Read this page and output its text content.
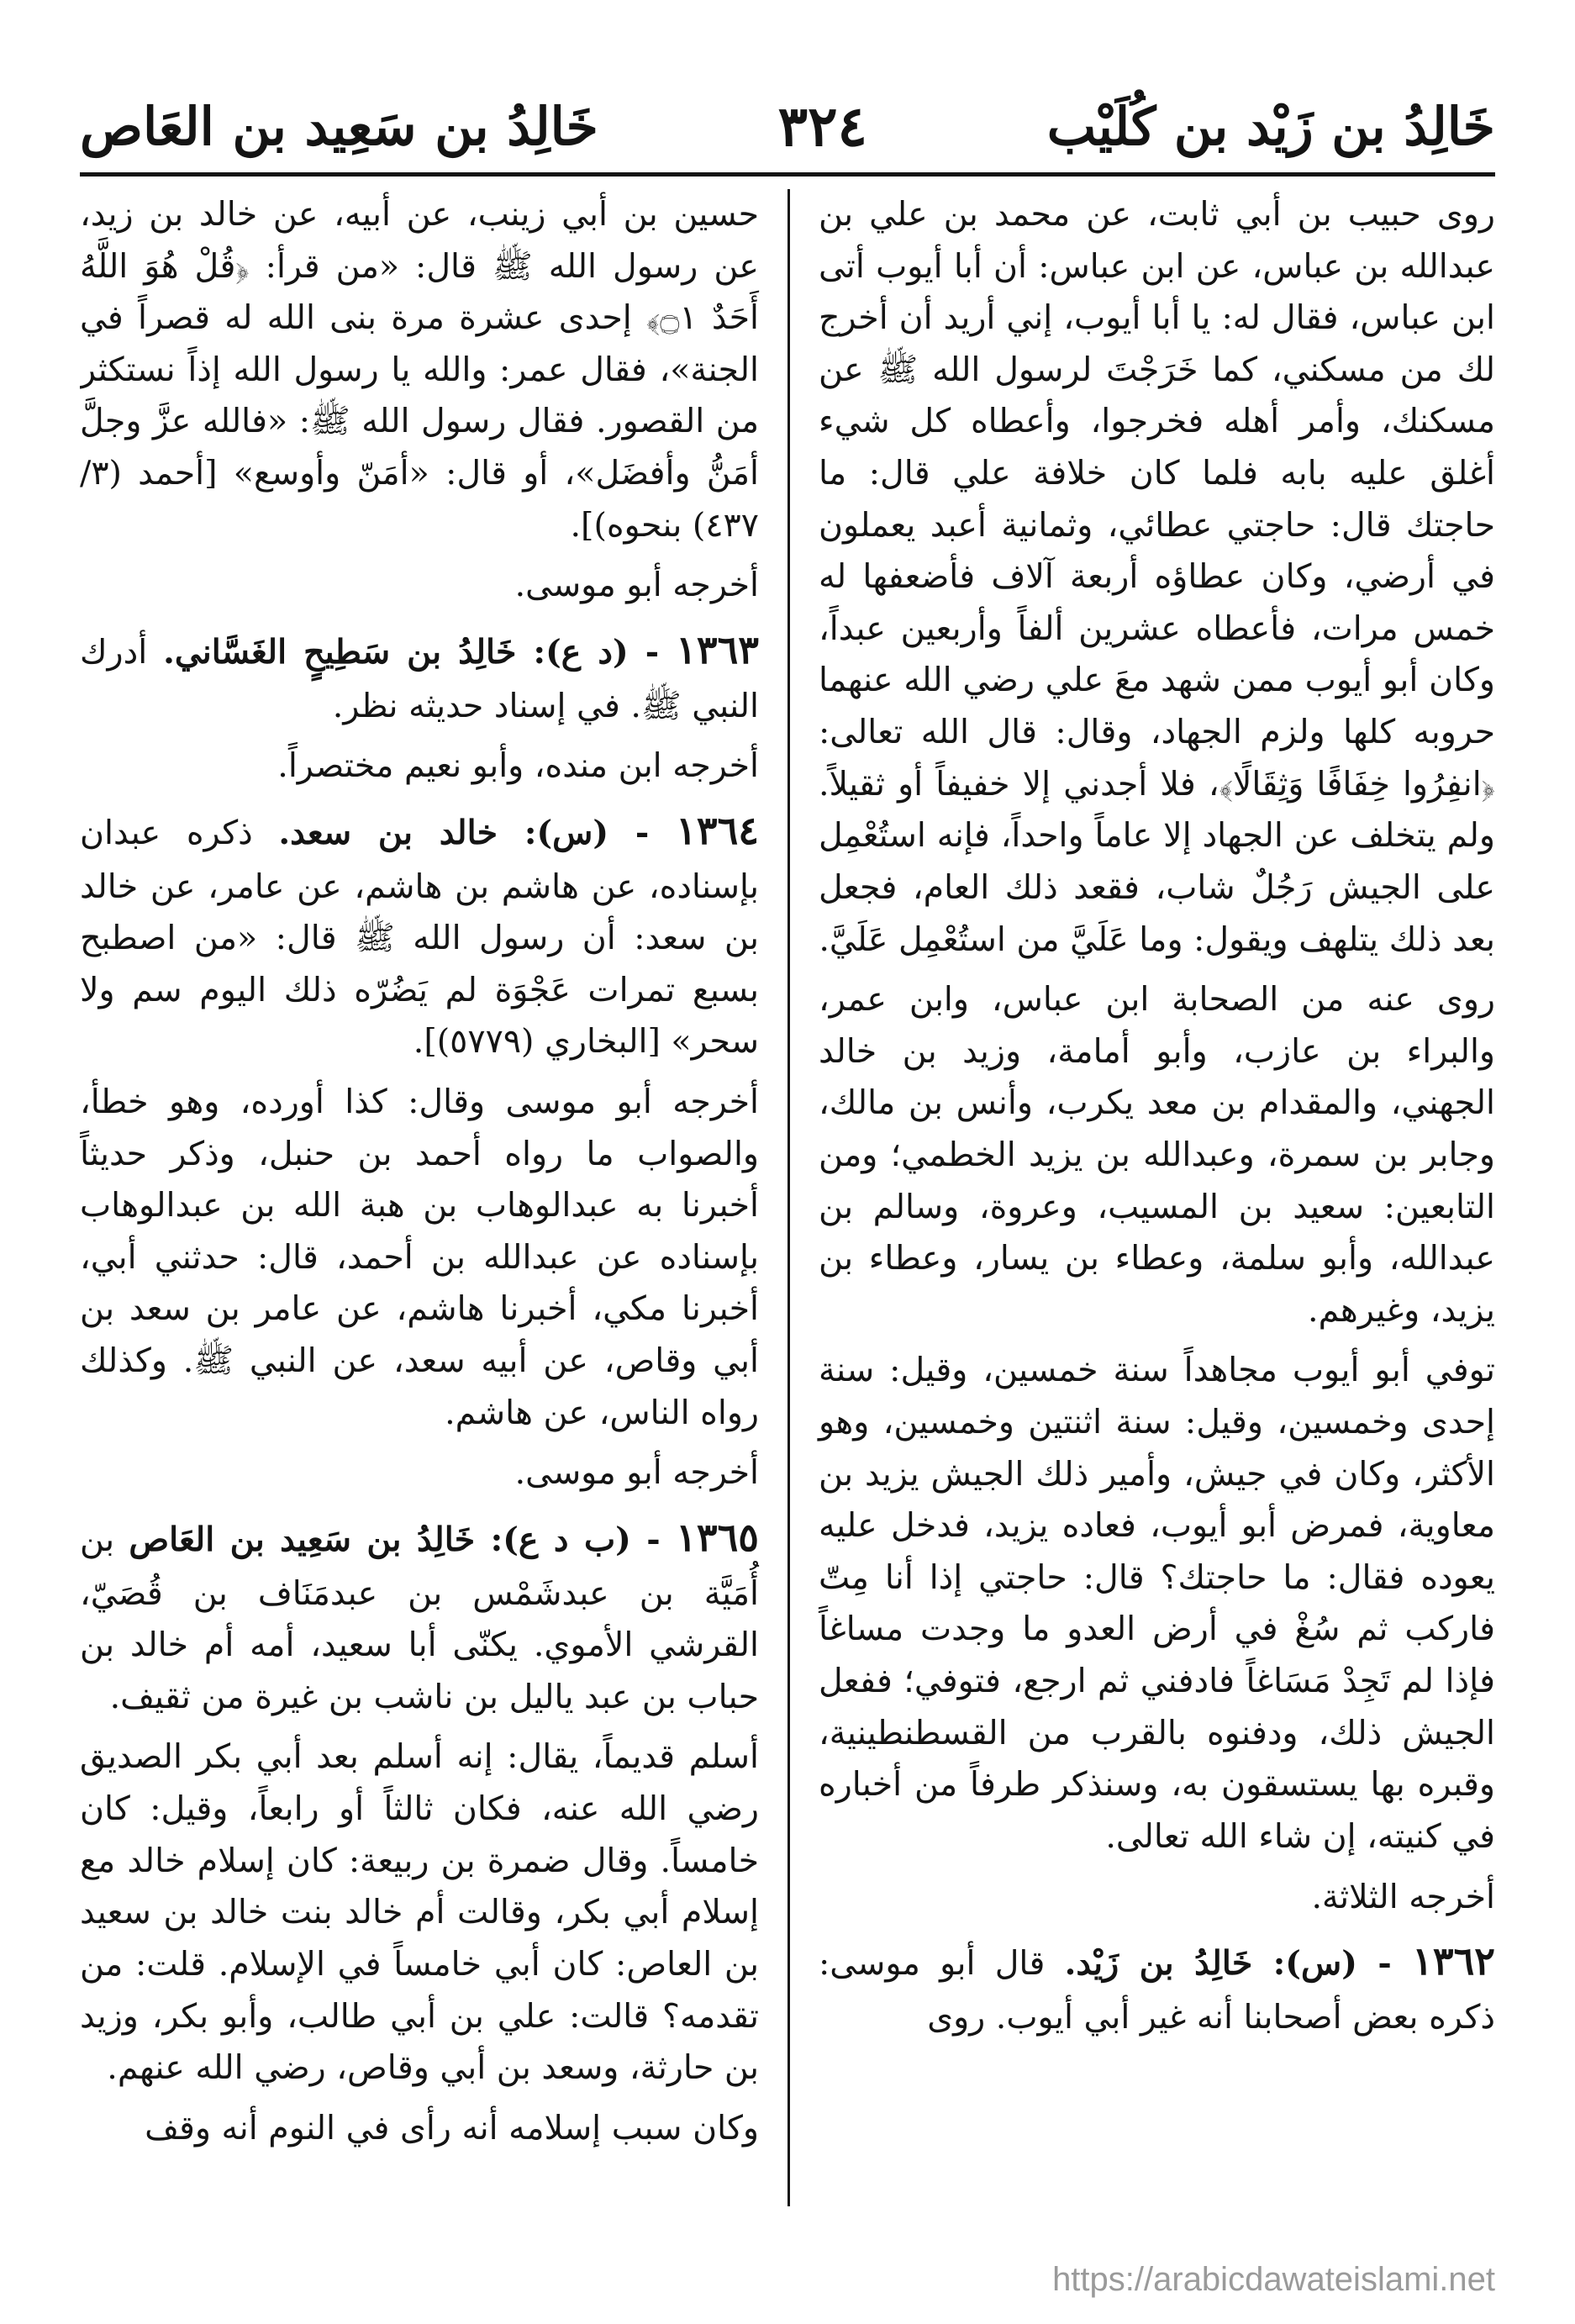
خَالِدُ بن زَيْد بن كُلَيْب
٣٢٤
خَالِدُ بن سَعِيد بن العَاص

روى حبيب بن أبي ثابت، عن محمد بن علي بن عبدالله بن عباس، عن ابن عباس: أن أبا أيوب أتى ابن عباس، فقال له: يا أبا أيوب، إني أريد أن أخرج لك من مسكني، كما خَرَجْتَ لرسول الله ﷺ عن مسكنك، وأمر أهله فخرجوا، وأعطاه كل شيء أغلق عليه بابه فلما كان خلافة علي قال: ما حاجتك قال: حاجتي عطائي، وثمانية أعبد يعملون في أرضي، وكان عطاؤه أربعة آلاف فأضعفها له خمس مرات، فأعطاه عشرين ألفاً وأربعين عبداً، وكان أبو أيوب ممن شهد معَ علي رضي الله عنهما حروبه كلها ولزم الجهاد، وقال: قال الله تعالى: ﴿انفِرُوا خِفَافًا وَثِقَالًا﴾، فلا أجدني إلا خفيفاً أو ثقيلاً. ولم يتخلف عن الجهاد إلا عاماً واحداً، فإنه استُعْمِل على الجيش رَجُلٌ شاب، فقعد ذلك العام، فجعل بعد ذلك يتلهف ويقول: وما عَلَيَّ من استُعْمِل عَلَيَّ.

روى عنه من الصحابة ابن عباس، وابن عمر، والبراء بن عازب، وأبو أمامة، وزيد بن خالد الجهني، والمقدام بن معد يكرب، وأنس بن مالك، وجابر بن سمرة، وعبدالله بن يزيد الخطمي؛ ومن التابعين: سعيد بن المسيب، وعروة، وسالم بن عبدالله، وأبو سلمة، وعطاء بن يسار، وعطاء بن يزيد، وغيرهم.

توفي أبو أيوب مجاهداً سنة خمسين، وقيل: سنة إحدى وخمسين، وقيل: سنة اثنتين وخمسين، وهو الأكثر، وكان في جيش، وأمير ذلك الجيش يزيد بن معاوية، فمرض أبو أيوب، فعاده يزيد، فدخل عليه يعوده فقال: ما حاجتك؟ قال: حاجتي إذا أنا مِتّ فاركب ثم سُغْ في أرض العدو ما وجدت مساغاً فإذا لم تَجِدْ مَسَاغاً فادفني ثم ارجع، فتوفي؛ ففعل الجيش ذلك، ودفنوه بالقرب من القسطنطينية، وقبره بها يستسقون به، وسنذكر طرفاً من أخباره في كنيته، إن شاء الله تعالى.

أخرجه الثلاثة.

١٣٦٢ - (س): خَالِدُ بن زَيْد. قال أبو موسى: ذكره بعض أصحابنا أنه غير أبي أيوب. روى

حسين بن أبي زينب، عن أبيه، عن خالد بن زيد، عن رسول الله ﷺ قال: «من قرأ: ﴿قُلْ هُوَ اللَّهُ أَحَدٌ ۝١﴾ إحدى عشرة مرة بنى الله له قصراً في الجنة»، فقال عمر: والله يا رسول الله إذاً نستكثر من القصور. فقال رسول الله ﷺ: «فالله عزَّ وجلَّ أمَنُّ وأفضَل»، أو قال: «أمَنّ وأوسع» [أحمد (٣/ ٤٣٧) بنحوه)].

أخرجه أبو موسى.

١٣٦٣ - (د ع): خَالِدُ بن سَطِيحٍ الغَسَّاني. أدرك النبي ﷺ. في إسناد حديثه نظر.

أخرجه ابن منده، وأبو نعيم مختصراً.

١٣٦٤ - (س): خالد بن سعد. ذكره عبدان بإسناده، عن هاشم بن هاشم، عن عامر، عن خالد بن سعد: أن رسول الله ﷺ قال: «من اصطبح بسبع تمرات عَجْوَة لم يَضُرّه ذلك اليوم سم ولا سحر» [البخاري (٥٧٧٩)].

أخرجه أبو موسى وقال: كذا أورده، وهو خطأ، والصواب ما رواه أحمد بن حنبل، وذكر حديثاً أخبرنا به عبدالوهاب بن هبة الله بن عبدالوهاب بإسناده عن عبدالله بن أحمد، قال: حدثني أبي، أخبرنا مكي، أخبرنا هاشم، عن عامر بن سعد بن أبي وقاص، عن أبيه سعد، عن النبي ﷺ. وكذلك رواه الناس، عن هاشم.

أخرجه أبو موسى.

١٣٦٥ - (ب د ع): خَالِدُ بن سَعِيد بن العَاص بن أُمَيَّة بن عبدشَمْس بن عبدمَنَاف بن قُصَيّ، القرشي الأموي. يكنّى أبا سعيد، أمه أم خالد بن حباب بن عبد ياليل بن ناشب بن غيرة من ثقيف.

أسلم قديماً، يقال: إنه أسلم بعد أبي بكر الصديق رضي الله عنه، فكان ثالثاً أو رابعاً، وقيل: كان خامساً. وقال ضمرة بن ربيعة: كان إسلام خالد مع إسلام أبي بكر، وقالت أم خالد بنت خالد بن سعيد بن العاص: كان أبي خامساً في الإسلام. قلت: من تقدمه؟ قالت: علي بن أبي طالب، وأبو بكر، وزيد بن حارثة، وسعد بن أبي وقاص، رضي الله عنهم.

وكان سبب إسلامه أنه رأى في النوم أنه وقف

https://arabicdawateislami.net
